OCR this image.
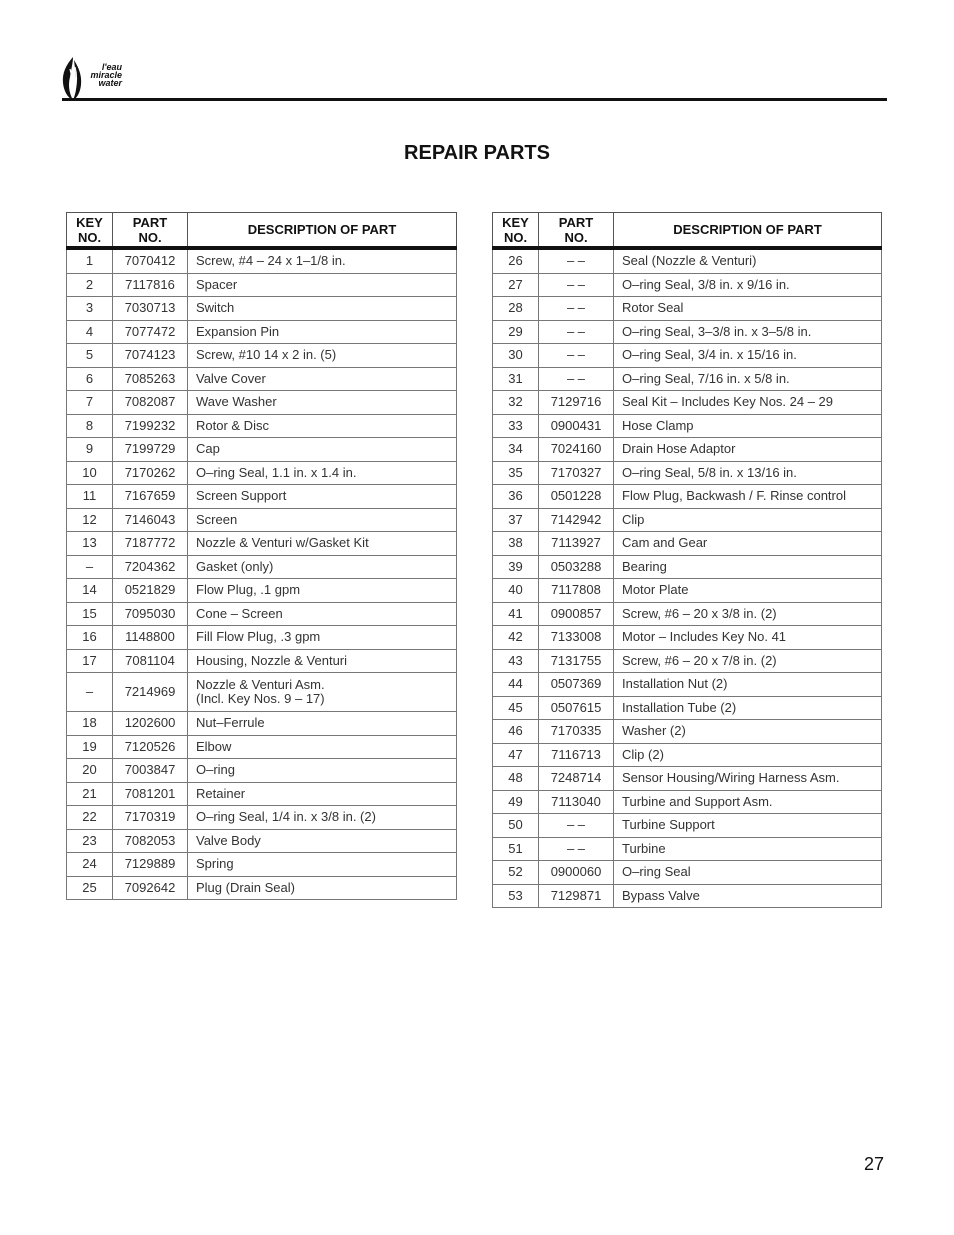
l'eau
miracle
water
REPAIR PARTS
KEY
NO.	PART
NO.	DESCRIPTION OF PART
1	7070412	Screw, #4 – 24 x 1–1/8 in.
2	7117816	Spacer
3	7030713	Switch
4	7077472	Expansion Pin
5	7074123	Screw, #10 14 x 2 in. (5)
6	7085263	Valve Cover
7	7082087	Wave Washer
8	7199232	Rotor & Disc
9	7199729	Cap
10	7170262	O–ring Seal, 1.1 in. x 1.4 in.
11	7167659	Screen Support
12	7146043	Screen
13	7187772	Nozzle & Venturi w/Gasket Kit
–	7204362	Gasket (only)
14	0521829	Flow Plug, .1 gpm
15	7095030	Cone – Screen
16	1148800	Fill Flow Plug, .3 gpm
17	7081104	Housing, Nozzle & Venturi
–	7214969	Nozzle & Venturi Asm.
(Incl. Key Nos. 9 – 17)
18	1202600	Nut–Ferrule
19	7120526	Elbow
20	7003847	O–ring
21	7081201	Retainer
22	7170319	O–ring Seal, 1/4 in. x 3/8 in. (2)
23	7082053	Valve Body
24	7129889	Spring
25	7092642	Plug (Drain Seal)
KEY
NO.	PART
NO.	DESCRIPTION OF PART
26	– –	Seal (Nozzle & Venturi)
27	– –	O–ring Seal, 3/8 in. x 9/16 in.
28	– –	Rotor Seal
29	– –	O–ring Seal, 3–3/8 in. x 3–5/8 in.
30	– –	O–ring Seal, 3/4 in. x 15/16 in.
31	– –	O–ring Seal, 7/16 in. x 5/8 in.
32	7129716	Seal Kit – Includes Key Nos. 24 – 29
33	0900431	Hose Clamp
34	7024160	Drain Hose Adaptor
35	7170327	O–ring Seal, 5/8 in. x 13/16 in.
36	0501228	Flow Plug, Backwash / F. Rinse control
37	7142942	Clip
38	7113927	Cam and Gear
39	0503288	Bearing
40	7117808	Motor Plate
41	0900857	Screw, #6 – 20 x 3/8 in. (2)
42	7133008	Motor – Includes Key No. 41
43	7131755	Screw, #6 – 20 x 7/8 in. (2)
44	0507369	Installation Nut (2)
45	0507615	Installation Tube (2)
46	7170335	Washer (2)
47	7116713	Clip (2)
48	7248714	Sensor Housing/Wiring Harness Asm.
49	7113040	Turbine and Support Asm.
50	– –	Turbine Support
51	– –	Turbine
52	0900060	O–ring Seal
53	7129871	Bypass Valve
27
